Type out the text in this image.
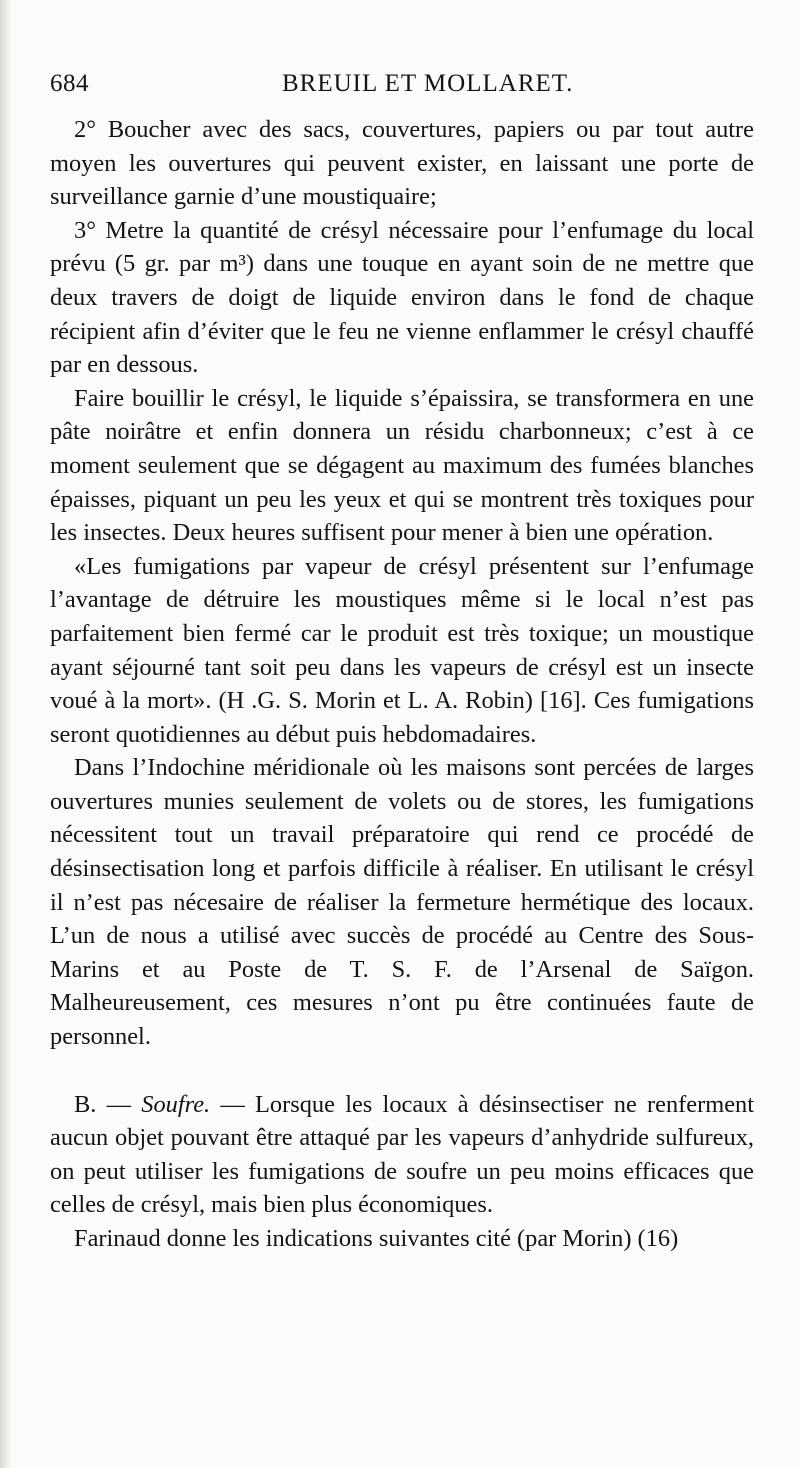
684	BREUIL ET MOLLARET.

2° Boucher avec des sacs, couvertures, papiers ou par tout autre moyen les ouvertures qui peuvent exister, en laissant une porte de surveillance garnie d’une moustiquaire;

3° Metre la quantité de crésyl nécessaire pour l’enfumage du local prévu (5 gr. par m³) dans une touque en ayant soin de ne mettre que deux travers de doigt de liquide environ dans le fond de chaque récipient afin d’éviter que le feu ne vienne enflammer le crésyl chauffé par en dessous.

Faire bouillir le crésyl, le liquide s’épaissira, se transformera en une pâte noirâtre et enfin donnera un résidu charbonneux; c’est à ce moment seulement que se dégagent au maximum des fumées blanches épaisses, piquant un peu les yeux et qui se montrent très toxiques pour les insectes. Deux heures suffisent pour mener à bien une opération.

«Les fumigations par vapeur de crésyl présentent sur l’enfumage l’avantage de détruire les moustiques même si le local n’est pas parfaitement bien fermé car le produit est très toxique; un moustique ayant séjourné tant soit peu dans les vapeurs de crésyl est un insecte voué à la mort». (H .G. S. Morin et L. A. Robin) [16]. Ces fumigations seront quotidiennes au début puis hebdomadaires.

Dans l’Indochine méridionale où les maisons sont percées de larges ouvertures munies seulement de volets ou de stores, les fumigations nécessitent tout un travail préparatoire qui rend ce procédé de désinsectisation long et parfois difficile à réaliser. En utilisant le crésyl il n’est pas nécesaire de réaliser la fermeture hermétique des locaux. L’un de nous a utilisé avec succès de procédé au Centre des Sous-Marins et au Poste de T. S. F. de l’Arsenal de Saïgon. Malheureusement, ces mesures n’ont pu être continuées faute de personnel.

B. — Soufre. — Lorsque les locaux à désinsectiser ne renferment aucun objet pouvant être attaqué par les vapeurs d’anhydride sulfureux, on peut utiliser les fumigations de soufre un peu moins efficaces que celles de crésyl, mais bien plus économiques.

Farinaud donne les indications suivantes cité (par Morin) (16)
